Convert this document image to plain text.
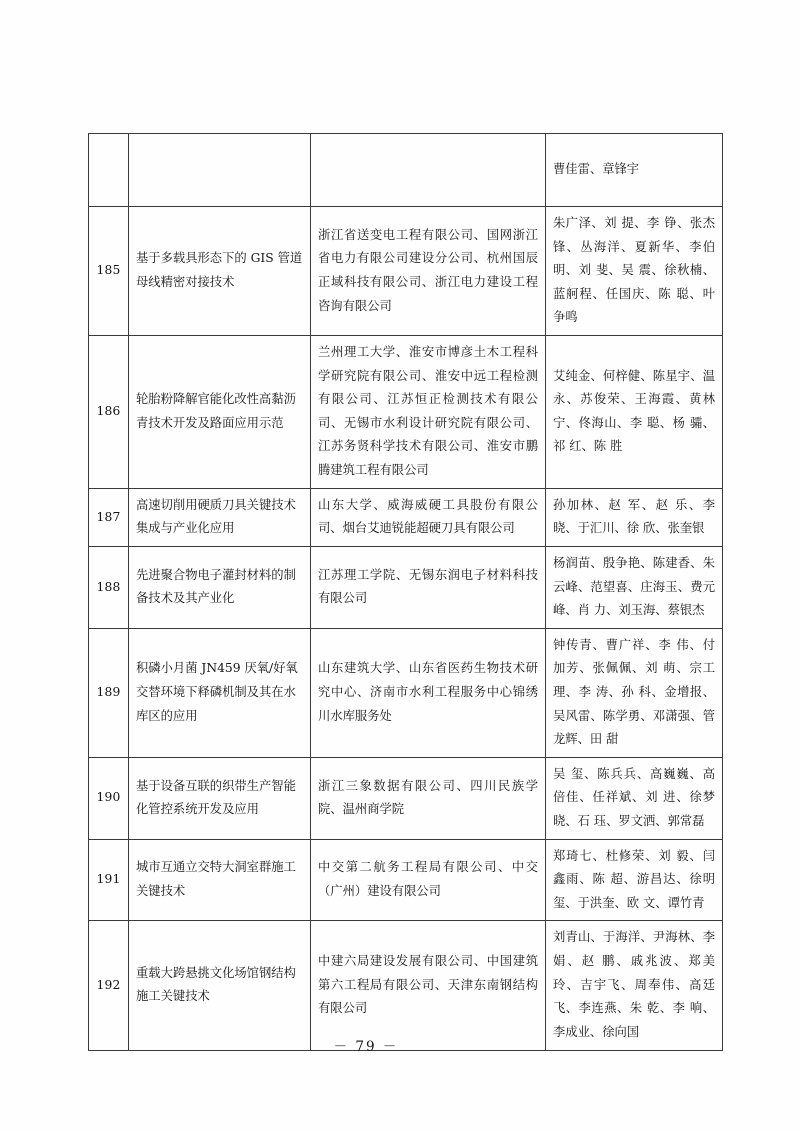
			曹佳雷、章锋宇

185	基于多载具形态下的 GIS 管道母线精密对接技术	浙江省送变电工程有限公司、国网浙江省电力有限公司建设分公司、杭州国辰正域科技有限公司、浙江电力建设工程咨询有限公司	朱广泽、刘 提、李 铮、张杰锋、丛海洋、夏新华、李伯明、刘 斐、吴 震、徐秋楠、蓝舸程、任国庆、陈 聪、叶争鸣
186	轮胎粉降解官能化改性高黏沥青技术开发及路面应用示范	兰州理工大学、淮安市博彦土木工程科学研究院有限公司、淮安中远工程检测有限公司、江苏恒正检测技术有限公司、无锡市水利设计研究院有限公司、江苏务贤科学技术有限公司、淮安市鹏腾建筑工程有限公司	艾纯金、何梓健、陈星宇、温 永、苏俊荣、王海霞、黄林宁、佟海山、李 聪、杨 骦、祁 红、陈 胜
187	高速切削用硬质刀具关键技术集成与产业化应用	山东大学、威海威硬工具股份有限公司、烟台艾迪锐能超硬刀具有限公司	孙加林、赵 军、赵 乐、李 晓、于汇川、徐 欣、张奎银
188	先进聚合物电子灌封材料的制备技术及其产业化	江苏理工学院、无锡东润电子材料科技有限公司	杨润苗、殷争艳、陈建香、朱云峰、范望喜、庄海玉、费元峰、肖 力、刘玉海、蔡银杰
189	积磷小月菌 JN459 厌氧/好氧交替环境下释磷机制及其在水库区的应用	山东建筑大学、山东省医药生物技术研究中心、济南市水利工程服务中心锦绣川水库服务处	钟传青、曹广祥、李 伟、付加芳、张佩佩、刘 萌、宗工理、李 涛、孙 科、金增报、吴风雷、陈学勇、邓潇强、管龙辉、田 甜
190	基于设备互联的织带生产智能化管控系统开发及应用	浙江三象数据有限公司、四川民族学院、温州商学院	吴 玺、陈兵兵、高巍巍、高倍佳、任祥斌、刘 进、徐梦晓、石 珏、罗文洒、郭常磊
191	城市互通立交特大洞室群施工关键技术	中交第二航务工程局有限公司、中交（广州）建设有限公司	郑琦七、杜修荣、刘 毅、闫鑫雨、陈 超、游昌达、徐明玺、于洪奎、欧 文、谭竹青
192	重载大跨悬挑文化场馆钢结构施工关键技术	中建六局建设发展有限公司、中国建筑第六工程局有限公司、天津东南钢结构有限公司	刘青山、于海洋、尹海林、李 娟、赵 鹏、戚兆波、郑美玲、吉宇飞、周奉伟、高廷飞、李连燕、朱 乾、李 响、李成业、徐向国
－ 79 －
